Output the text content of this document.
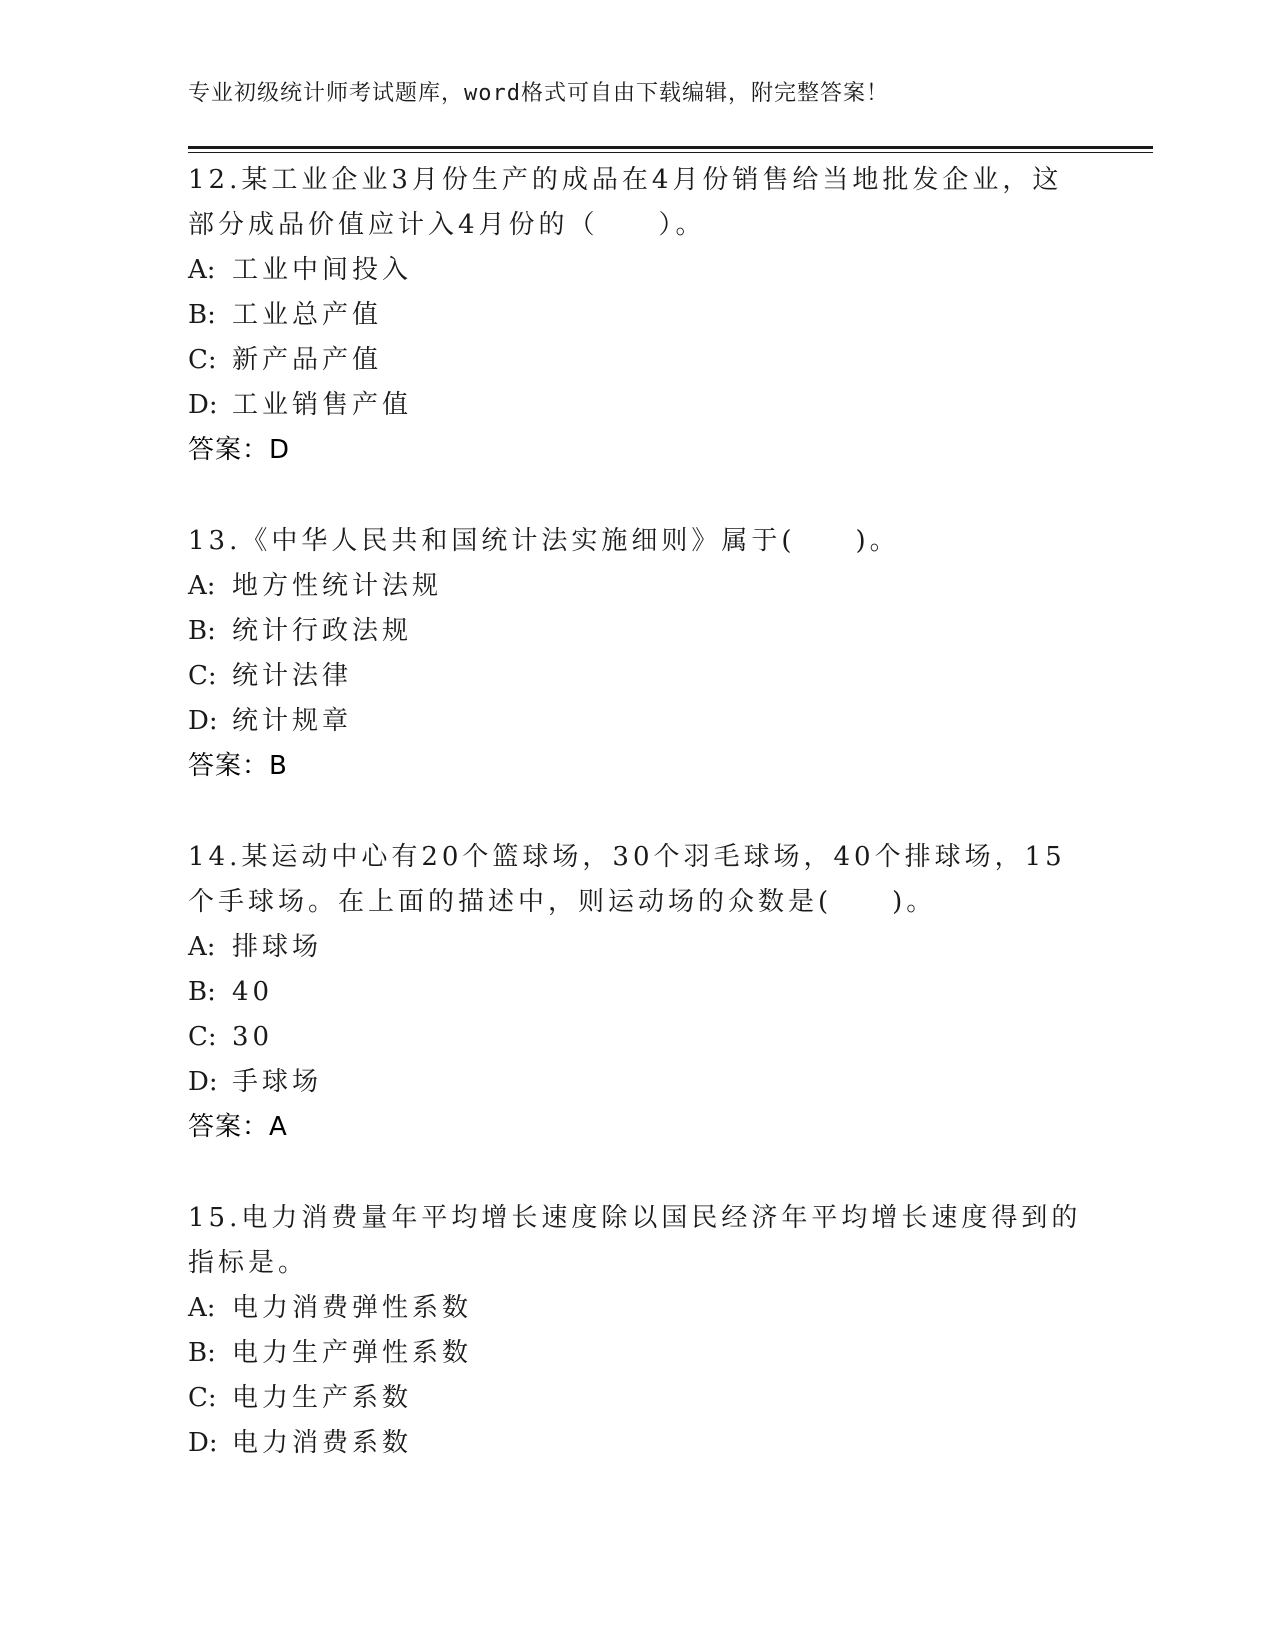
专业初级统计师考试题库，word格式可自由下载编辑，附完整答案！

12.某工业企业3月份生产的成品在4月份销售给当地批发企业，这部分成品价值应计入4月份的（　　）。

A: 工业中间投入

B: 工业总产值

C: 新产品产值

D: 工业销售产值

答案：D

13.《中华人民共和国统计法实施细则》属于(　　)。

A: 地方性统计法规

B: 统计行政法规

C: 统计法律

D: 统计规章

答案：B

14.某运动中心有20个篮球场，30个羽毛球场，40个排球场，15个手球场。在上面的描述中，则运动场的众数是(　　)。

A: 排球场

B: 40

C: 30

D: 手球场

答案：A

15.电力消费量年平均增长速度除以国民经济年平均增长速度得到的指标是。

A: 电力消费弹性系数

B: 电力生产弹性系数

C: 电力生产系数

D: 电力消费系数
